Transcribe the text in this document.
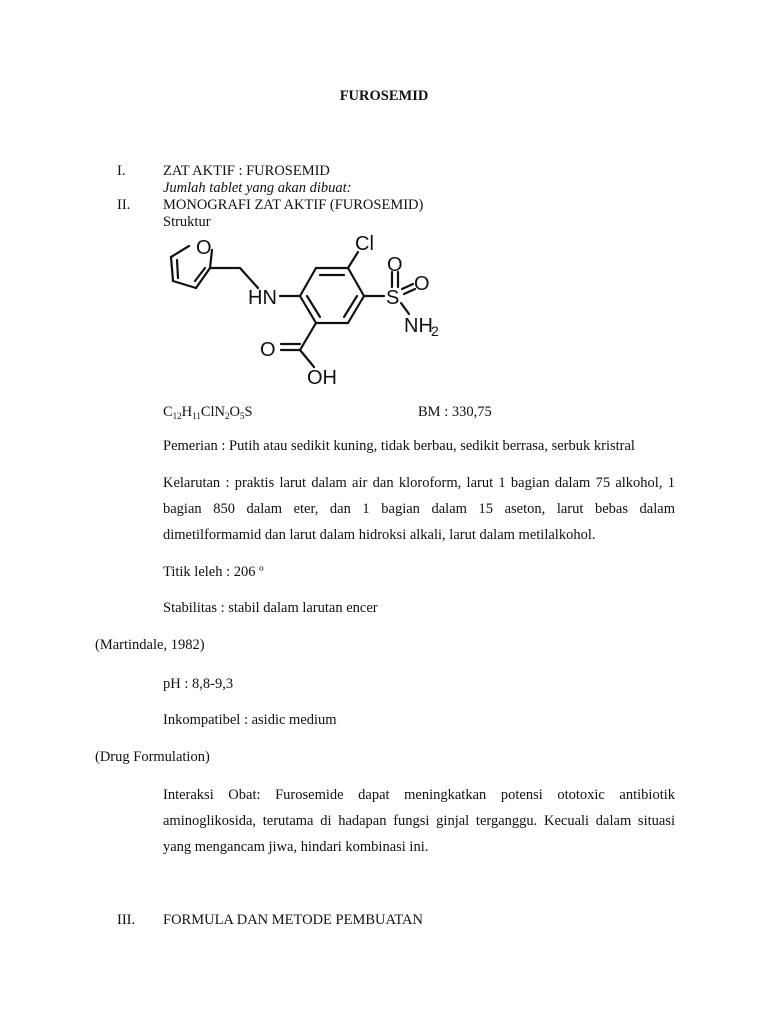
FUROSEMID
I.	ZAT AKTIF : FUROSEMID
Jumlah tablet yang akan dibuat:
II. MONOGRAFI ZAT AKTIF (FUROSEMID)
Struktur
O	Cl
HN	S
O
O
NH
2
O
OH
$C_{12}H_{11}ClN_2O_5S$	BM : 330,75
Pemerian : Putih atau sedikit kuning, tidak berbau, sedikit berrasa, serbuk kristral
Kelarutan : praktis larut dalam air dan kloroform, larut 1 bagian dalam 75 alkohol, 1 bagian 850 dalam eter, dan 1 bagian dalam 15 aseton, larut bebas dalam dimetilformamid dan larut dalam hidroksi alkali, larut dalam metilalkohol.
Titik leleh : 206 º
Stabilitas : stabil dalam larutan encer
(Martindale, 1982)
pH : 8,8-9,3
Inkompatibel : asidic medium
(Drug Formulation)
Interaksi Obat: Furosemide dapat meningkatkan potensi ototoxic antibiotik aminoglikosida, terutama di hadapan fungsi ginjal terganggu. Kecuali dalam situasi yang mengancam jiwa, hindari kombinasi ini.
III. FORMULA DAN METODE PEMBUATAN
